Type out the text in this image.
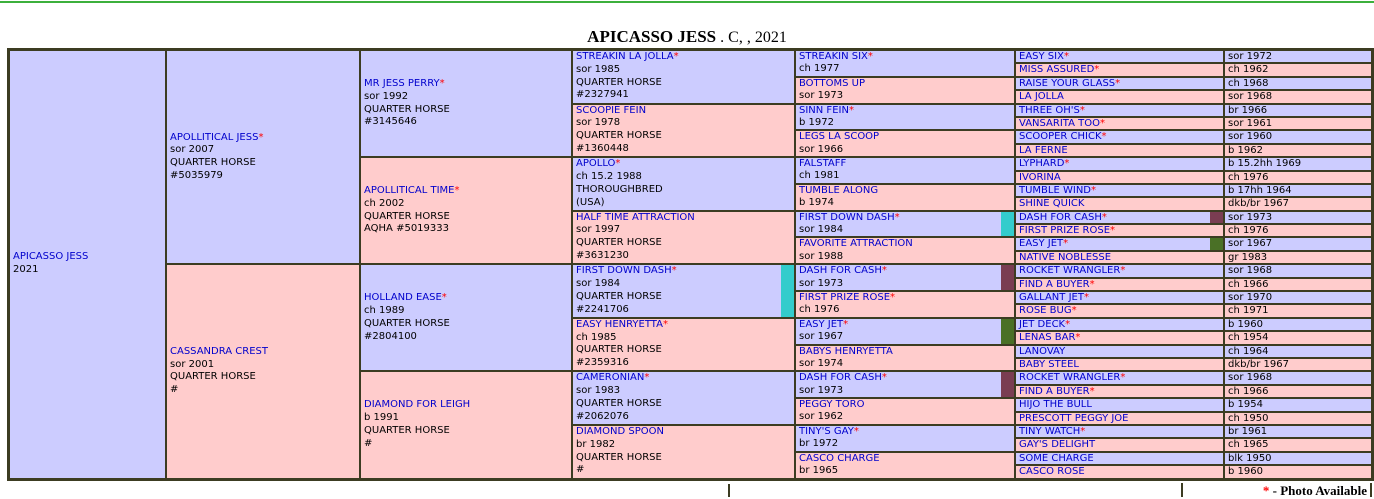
APICASSO JESS . C, , 2021
APICASSO JESS
2021
APOLLITICAL JESS*
sor 2007
QUARTER HORSE
#5035979
CASSANDRA CREST
sor 2001
QUARTER HORSE
#
MR JESS PERRY*
sor 1992
QUARTER HORSE
#3145646
APOLLITICAL TIME*
ch 2002
QUARTER HORSE
AQHA #5019333
HOLLAND EASE*
ch 1989
QUARTER HORSE
#2804100
DIAMOND FOR LEIGH
b 1991
QUARTER HORSE
#
STREAKIN LA JOLLA*
sor 1985
QUARTER HORSE
#2327941
SCOOPIE FEIN
sor 1978
QUARTER HORSE
#1360448
APOLLO*
ch 15.2 1988
THOROUGHBRED
(USA)
HALF TIME ATTRACTION
sor 1997
QUARTER HORSE
#3631230
FIRST DOWN DASH*
sor 1984
QUARTER HORSE
#2241706
EASY HENRYETTA*
ch 1985
QUARTER HORSE
#2359316
CAMERONIAN*
sor 1983
QUARTER HORSE
#2062076
DIAMOND SPOON
br 1982
QUARTER HORSE
#
STREAKIN SIX*
ch 1977
BOTTOMS UP
sor 1973
SINN FEIN*
b 1972
LEGS LA SCOOP
sor 1966
FALSTAFF
ch 1981
TUMBLE ALONG
b 1974
FIRST DOWN DASH*
sor 1984
FAVORITE ATTRACTION
sor 1988
DASH FOR CASH*
sor 1973
FIRST PRIZE ROSE*
ch 1976
EASY JET*
sor 1967
BABYS HENRYETTA
sor 1974
DASH FOR CASH*
sor 1973
PEGGY TORO
sor 1962
TINY'S GAY*
br 1972
CASCO CHARGE
br 1965
EASY SIX*	sor 1972
MISS ASSURED*	ch 1962
RAISE YOUR GLASS*	ch 1968
LA JOLLA	sor 1968
THREE OH'S*	br 1966
VANSARITA TOO*	sor 1961
SCOOPER CHICK*	sor 1960
LA FERNE	b 1962
LYPHARD*	b 15.2hh 1969
IVORINA	ch 1976
TUMBLE WIND*	b 17hh 1964
SHINE QUICK	dkb/br 1967
DASH FOR CASH*	sor 1973
FIRST PRIZE ROSE*	ch 1976
EASY JET*	sor 1967
NATIVE NOBLESSE	gr 1983
ROCKET WRANGLER*	sor 1968
FIND A BUYER*	ch 1966
GALLANT JET*	sor 1970
ROSE BUG*	ch 1971
JET DECK*	b 1960
LENAS BAR*	ch 1954
LANOVAY	ch 1964
BABY STEEL	dkb/br 1967
ROCKET WRANGLER*	sor 1968
FIND A BUYER*	ch 1966
HIJO THE BULL	b 1954
PRESCOTT PEGGY JOE	ch 1950
TINY WATCH*	br 1961
GAY'S DELIGHT	ch 1965
SOME CHARGE	blk 1950
CASCO ROSE	b 1960
* - Photo Available
